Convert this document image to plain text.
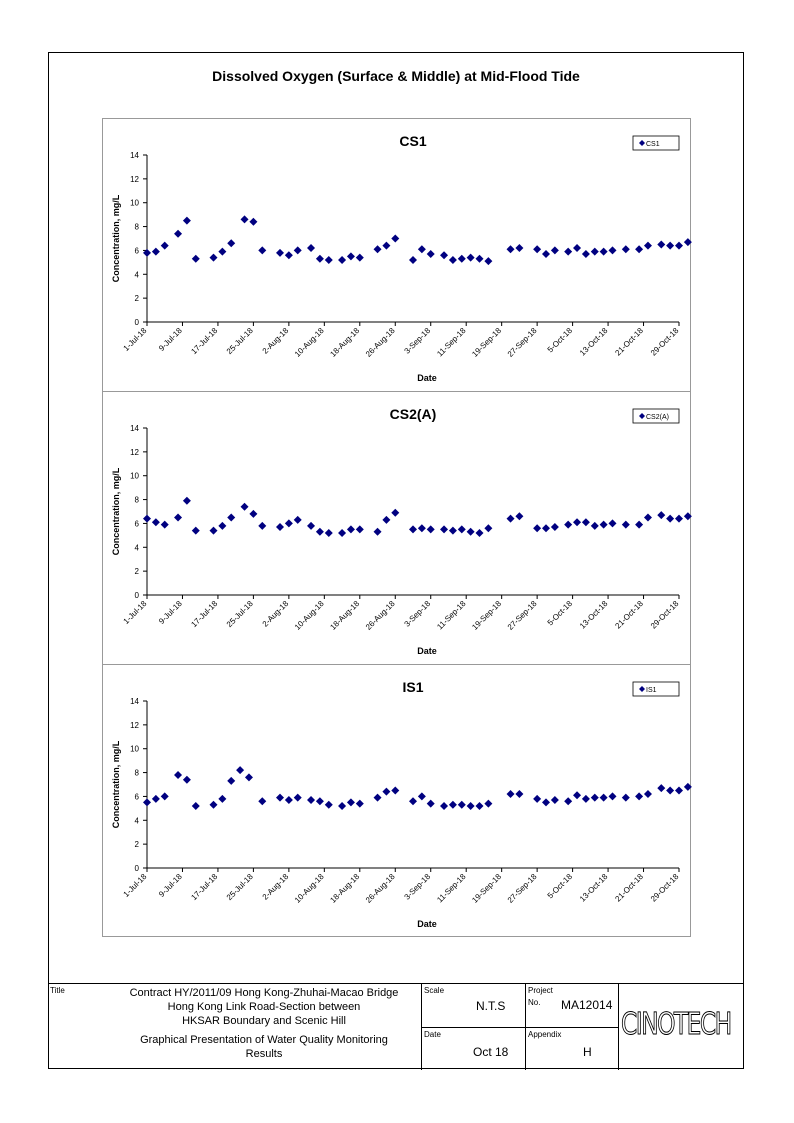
Dissolved Oxygen (Surface & Middle) at Mid-Flood Tide
CS1
0
2
4
6
8
10
12
14
1-Jul-18 9-Jul-18 17-Jul-18 25-Jul-18 2-Aug-18 10-Aug-18 18-Aug-18 26-Aug-18 3-Sep-18 11-Sep-18 19-Sep-18 27-Sep-18 5-Oct-18 13-Oct-18 21-Oct-18 29-Oct-18
Date
Concentration, mg/L
CS1
CS2(A)
0
2
4
6
8
10
12
14
1-Jul-18 9-Jul-18 17-Jul-18 25-Jul-18 2-Aug-18 10-Aug-18 18-Aug-18 26-Aug-18 3-Sep-18 11-Sep-18 19-Sep-18 27-Sep-18 5-Oct-18 13-Oct-18 21-Oct-18 29-Oct-18
Date
Concentration, mg/L
CS2(A)
IS1
0
2
4
6
8
10
12
14
1-Jul-18 9-Jul-18 17-Jul-18 25-Jul-18 2-Aug-18 10-Aug-18 18-Aug-18 26-Aug-18 3-Sep-18 11-Sep-18 19-Sep-18 27-Sep-18 5-Oct-18 13-Oct-18 21-Oct-18 29-Oct-18
Date
Concentration, mg/L
IS1
Title	Contract HY/2011/09 Hong Kong-Zhuhai-Macao Bridge
Hong Kong Link Road-Section between
HKSAR Boundary and Scenic Hill
Graphical Presentation of Water Quality Monitoring
Results
Scale
N.T.S
Date
Oct 18
Project
No. MA12014
Appendix
H
CINOTECH
